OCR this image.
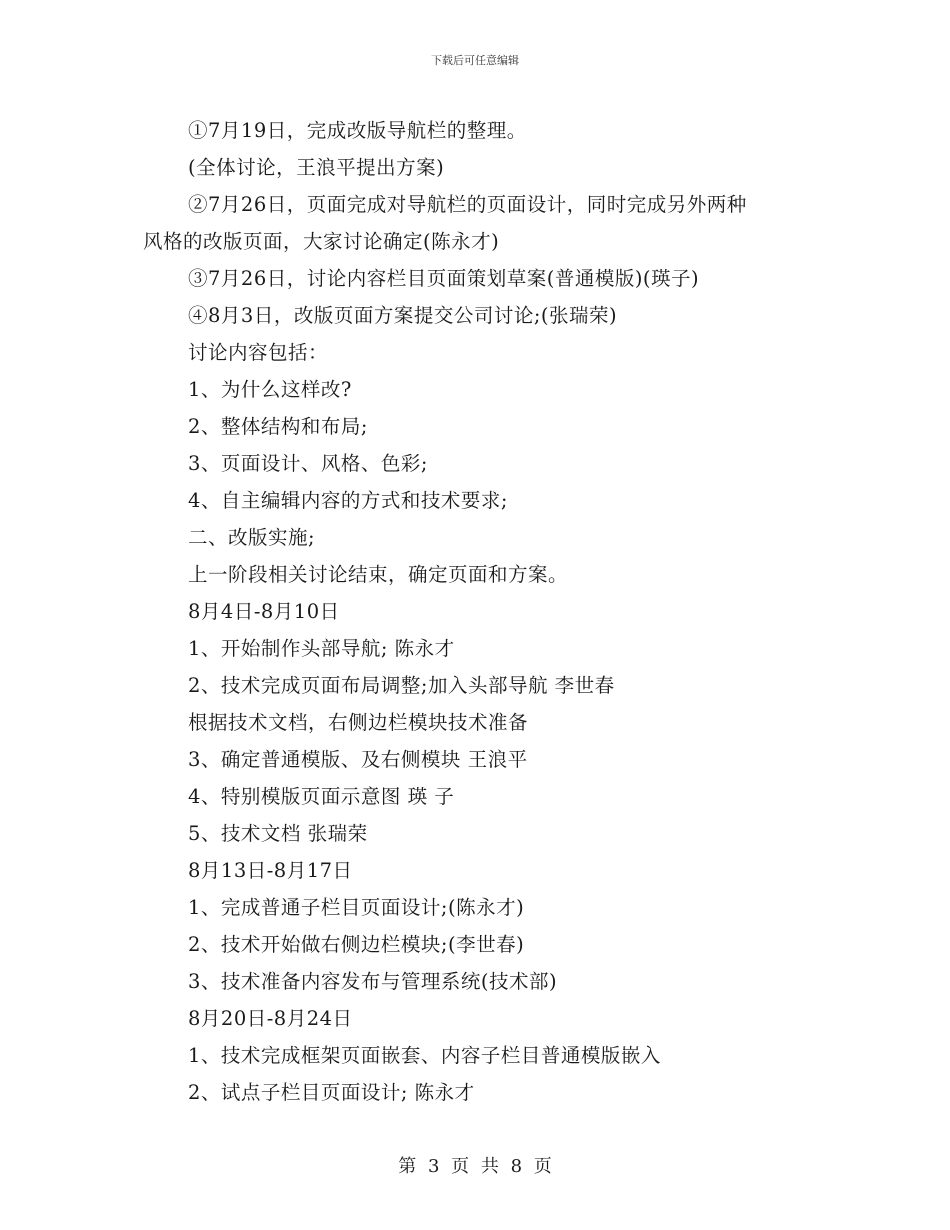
下载后可任意编辑
①7月19日，完成改版导航栏的整理。
(全体讨论，王浪平提出方案)
②7月26日，页面完成对导航栏的页面设计，同时完成另外两种
风格的改版页面，大家讨论确定(陈永才)
③7月26日，讨论内容栏目页面策划草案(普通模版)(瑛子)
④8月3日，改版页面方案提交公司讨论;(张瑞荣)
讨论内容包括：
1、为什么这样改?
2、整体结构和布局;
3、页面设计、风格、色彩;
4、自主编辑内容的方式和技术要求;
二、改版实施;
上一阶段相关讨论结束，确定页面和方案。
8月4日-8月10日
1、开始制作头部导航; 陈永才
2、技术完成页面布局调整;加入头部导航 李世春
根据技术文档，右侧边栏模块技术准备
3、确定普通模版、及右侧模块 王浪平
4、特别模版页面示意图 瑛 子
5、技术文档 张瑞荣
8月13日-8月17日
1、完成普通子栏目页面设计;(陈永才)
2、技术开始做右侧边栏模块;(李世春)
3、技术准备内容发布与管理系统(技术部)
8月20日-8月24日
1、技术完成框架页面嵌套、内容子栏目普通模版嵌入
2、试点子栏目页面设计; 陈永才
第 3 页 共 8 页
